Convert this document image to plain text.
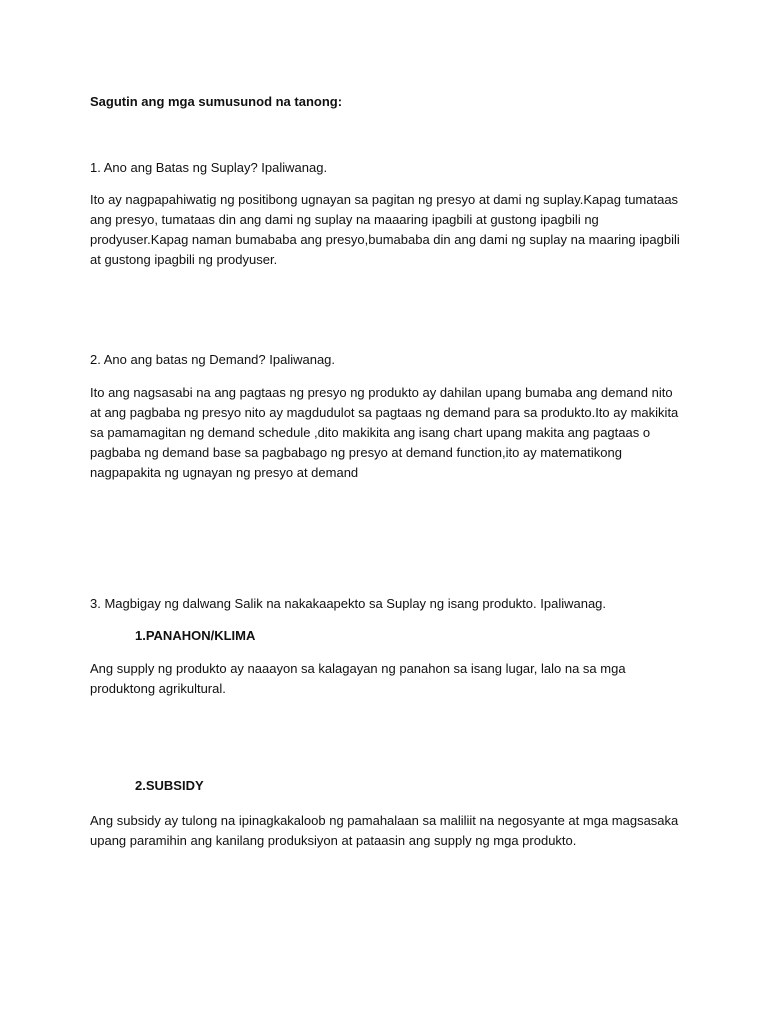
Sagutin ang mga sumusunod na tanong:

1. Ano ang Batas ng Suplay? Ipaliwanag.

Ito ay nagpapahiwatig ng positibong ugnayan sa pagitan ng presyo at dami ng suplay.Kapag tumataas ang presyo, tumataas din ang dami ng suplay na maaaring ipagbili at gustong ipagbili ng prodyuser.Kapag naman bumababa ang presyo,bumababa din ang dami ng suplay na maaring ipagbili at gustong ipagbili ng prodyuser.

2. Ano ang batas ng Demand? Ipaliwanag.

Ito ang nagsasabi na ang pagtaas ng presyo ng produkto ay dahilan upang bumaba ang demand nito at ang pagbaba ng presyo nito ay magdudulot sa pagtaas ng demand para sa produkto.Ito ay makikita sa pamamagitan ng demand schedule ,dito makikita ang isang chart upang makita ang pagtaas o pagbaba ng demand base sa pagbabago ng presyo at demand function,ito ay matematikong nagpapakita ng ugnayan ng presyo at demand

3. Magbigay ng dalwang Salik na nakakaapekto sa Suplay ng isang produkto. Ipaliwanag.

1.PANAHON/KLIMA

Ang supply ng produkto ay naaayon sa kalagayan ng panahon sa isang lugar, lalo na sa mga produktong agrikultural.

2.SUBSIDY

Ang subsidy ay tulong na ipinagkakaloob ng pamahalaan sa maliliit na negosyante at mga magsasaka upang paramihin ang kanilang produksiyon at pataasin ang supply ng mga produkto.
